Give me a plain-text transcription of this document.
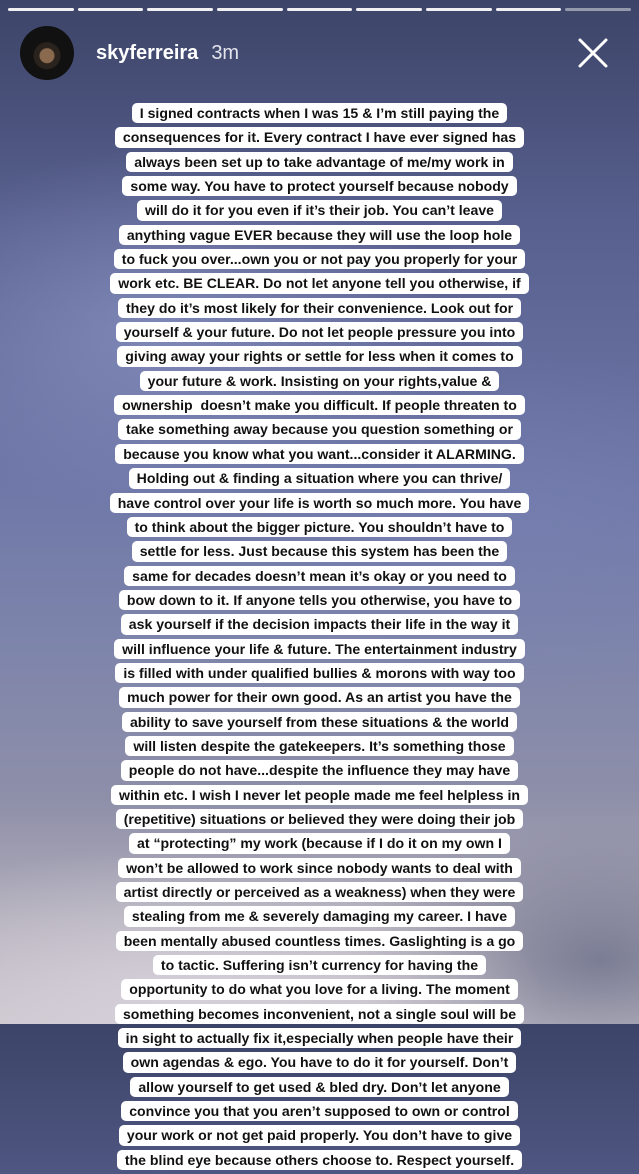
skyferreira 3m
I signed contracts when I was 15 & I’m still paying the
consequences for it. Every contract I have ever signed has
always been set up to take advantage of me/my work in
some way. You have to protect yourself because nobody
will do it for you even if it’s their job. You can’t leave
anything vague EVER because they will use the loop hole
to fuck you over...own you or not pay you properly for your
work etc. BE CLEAR. Do not let anyone tell you otherwise, if
they do it’s most likely for their convenience. Look out for
yourself & your future. Do not let people pressure you into
giving away your rights or settle for less when it comes to
your future & work. Insisting on your rights,value &
ownership  doesn’t make you difficult. If people threaten to
take something away because you question something or
because you know what you want...consider it ALARMING.
Holding out & finding a situation where you can thrive/
have control over your life is worth so much more. You have
to think about the bigger picture. You shouldn’t have to
settle for less. Just because this system has been the
same for decades doesn’t mean it’s okay or you need to
bow down to it. If anyone tells you otherwise, you have to
ask yourself if the decision impacts their life in the way it
will influence your life & future. The entertainment industry
is filled with under qualified bullies & morons with way too
much power for their own good. As an artist you have the
ability to save yourself from these situations & the world
will listen despite the gatekeepers. It’s something those
people do not have...despite the influence they may have
within etc. I wish I never let people made me feel helpless in
(repetitive) situations or believed they were doing their job
at “protecting” my work (because if I do it on my own I
won’t be allowed to work since nobody wants to deal with
artist directly or perceived as a weakness) when they were
stealing from me & severely damaging my career. I have
been mentally abused countless times. Gaslighting is a go
to tactic. Suffering isn’t currency for having the
opportunity to do what you love for a living. The moment
something becomes inconvenient, not a single soul will be
in sight to actually fix it,especially when people have their
own agendas & ego. You have to do it for yourself. Don’t
allow yourself to get used & bled dry. Don’t let anyone
convince you that you aren’t supposed to own or control
your work or not get paid properly. You don’t have to give
the blind eye because others choose to. Respect yourself.
